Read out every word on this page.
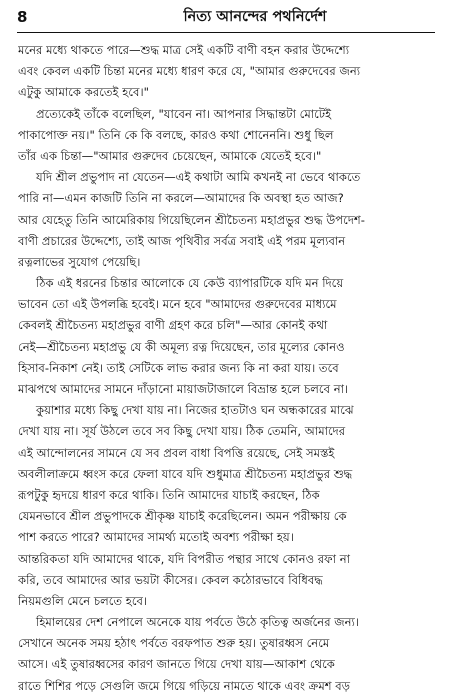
8	নিত্য আনন্দের পথনির্দেশ
মনের মধ্যে থাকতে পারে—শুদ্ধ মাত্র সেই একটি বাণী বহন করার উদ্দেশ্যে
এবং কেবল একটি চিন্তা মনের মধ্যে ধারণ করে যে, "আমার গুরুদেবের জন্য
এটুকু আমাকে করতেই হবে।"
প্রত্যেকেই তাঁকে বলেছিল, "যাবেন না। আপনার সিদ্ধান্তটা মোটেই
পাকাপোক্ত নয়।" তিনি কে কি বলছে, কারও কথা শোনেননি। শুধু ছিল
তাঁর এক চিন্তা—"আমার গুরুদেব চেয়েছেন, আমাকে যেতেই হবে।"
যদি শ্রীল প্রভুপাদ না যেতেন—এই কথাটা আমি কখনই না ভেবে থাকতে
পারি না—এমন কাজটি তিনি না করলে—আমাদের কি অবস্থা হত আজ?
আর যেহেতু তিনি আমেরিকায় গিয়েছিলেন শ্রীচৈতন্য মহাপ্রভুর শুদ্ধ উপদেশ-
বাণী প্রচারের উদ্দেশ্যে, তাই আজ পৃথিবীর সর্বত্র সবাই এই পরম মূল্যবান
রত্নলাভের সুযোগ পেয়েছি।
ঠিক এই ধরনের চিন্তার আলোকে যে কেউ ব্যাপারটিকে যদি মন দিয়ে
ভাবেন তো এই উপলব্ধি হবেই। মনে হবে "আমাদের গুরুদেবের মাধ্যমে
কেবলই শ্রীচৈতন্য মহাপ্রভুর বাণী গ্রহণ করে চলি"—আর কোনই কথা
নেই—শ্রীচৈতন্য মহাপ্রভু যে কী অমূল্য রত্ন দিয়েছেন, তার মূল্যের কোনও
হিসাব-নিকাশ নেই। তাই সেটিকে লাভ করার জন্য কি না করা যায়। তবে
মাঝপথে আমাদের সামনে দাঁড়ানো মায়াজটাজালে বিভ্রান্ত হলে চলবে না।
কুয়াশার মধ্যে কিছু দেখা যায় না। নিজের হাতটাও ঘন অন্ধকারের মাঝে
দেখা যায় না। সূর্য উঠলে তবে সব কিছু দেখা যায়। ঠিক তেমনি, আমাদের
এই আন্দোলনের সামনে যে সব প্রবল বাধা বিপত্তি রয়েছে, সেই সমস্তই
অবলীলাক্রমে ধ্বংস করে ফেলা যাবে যদি শুধুমাত্র শ্রীচৈতন্য মহাপ্রভুর শুদ্ধ
রূপটুকু হৃদয়ে ধারণ করে থাকি। তিনি আমাদের যাচাই করছেন, ঠিক
যেমনভাবে শ্রীল প্রভুপাদকে শ্রীকৃষ্ণ যাচাই করেছিলেন। অমন পরীক্ষায় কে
পাশ করতে পারে? আমাদের সামর্থ্য মতোই অবশ্য পরীক্ষা হয়।
আন্তরিকতা যদি আমাদের থাকে, যদি বিপরীত পন্থার সাথে কোনও রফা না
করি, তবে আমাদের আর ভয়টা কীসের। কেবল কঠোরভাবে বিধিবদ্ধ
নিয়মগুলি মেনে চলতে হবে।
হিমালয়ের দেশ নেপালে অনেকে যায় পর্বতে উঠে কৃতিত্ব অর্জনের জন্য।
সেখানে অনেক সময় হঠাৎ পর্বতে বরফপাত শুরু হয়। তুষারধ্বস নেমে
আসে। এই তুষারধ্বসের কারণ জানতে গিয়ে দেখা যায়—আকাশ থেকে
রাতে শিশির পড়ে সেগুলি জমে গিয়ে গড়িয়ে নামতে থাকে এবং ক্রমশ বড়
